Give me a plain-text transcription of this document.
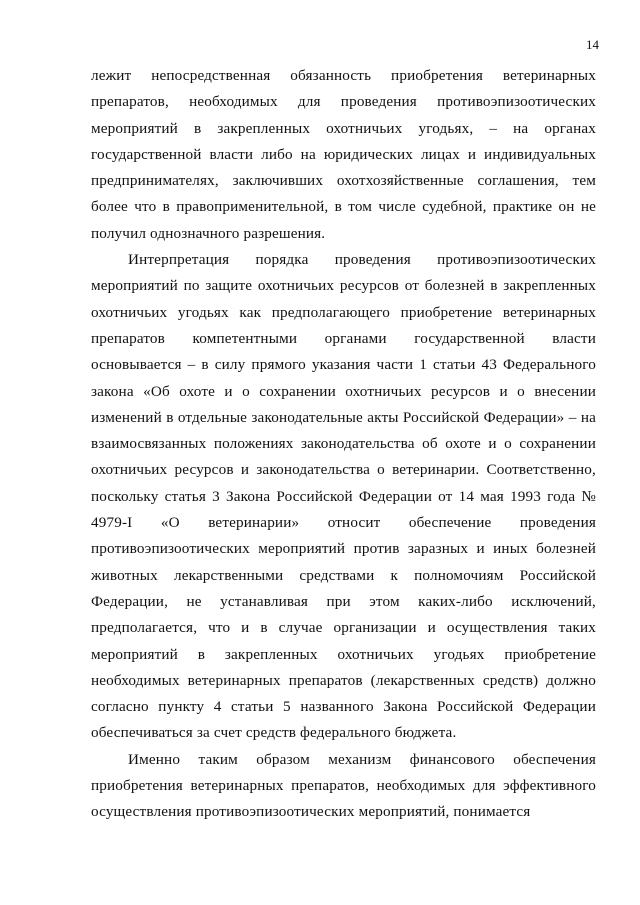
14

лежит непосредственная обязанность приобретения ветеринарных препаратов, необходимых для проведения противоэпизоотических мероприятий в закрепленных охотничьих угодьях, – на органах государственной власти либо на юридических лицах и индивидуальных предпринимателях, заключивших охотхозяйственные соглашения, тем более что в правоприменительной, в том числе судебной, практике он не получил однозначного разрешения.

Интерпретация порядка проведения противоэпизоотических мероприятий по защите охотничьих ресурсов от болезней в закрепленных охотничьих угодьях как предполагающего приобретение ветеринарных препаратов компетентными органами государственной власти основывается – в силу прямого указания части 1 статьи 43 Федерального закона «Об охоте и о сохранении охотничьих ресурсов и о внесении изменений в отдельные законодательные акты Российской Федерации» – на взаимосвязанных положениях законодательства об охоте и о сохранении охотничьих ресурсов и законодательства о ветеринарии. Соответственно, поскольку статья 3 Закона Российской Федерации от 14 мая 1993 года № 4979-I «О ветеринарии» относит обеспечение проведения противоэпизоотических мероприятий против заразных и иных болезней животных лекарственными средствами к полномочиям Российской Федерации, не устанавливая при этом каких-либо исключений, предполагается, что и в случае организации и осуществления таких мероприятий в закрепленных охотничьих угодьях приобретение необходимых ветеринарных препаратов (лекарственных средств) должно согласно пункту 4 статьи 5 названного Закона Российской Федерации обеспечиваться за счет средств федерального бюджета.

Именно таким образом механизм финансового обеспечения приобретения ветеринарных препаратов, необходимых для эффективного осуществления противоэпизоотических мероприятий, понимается
